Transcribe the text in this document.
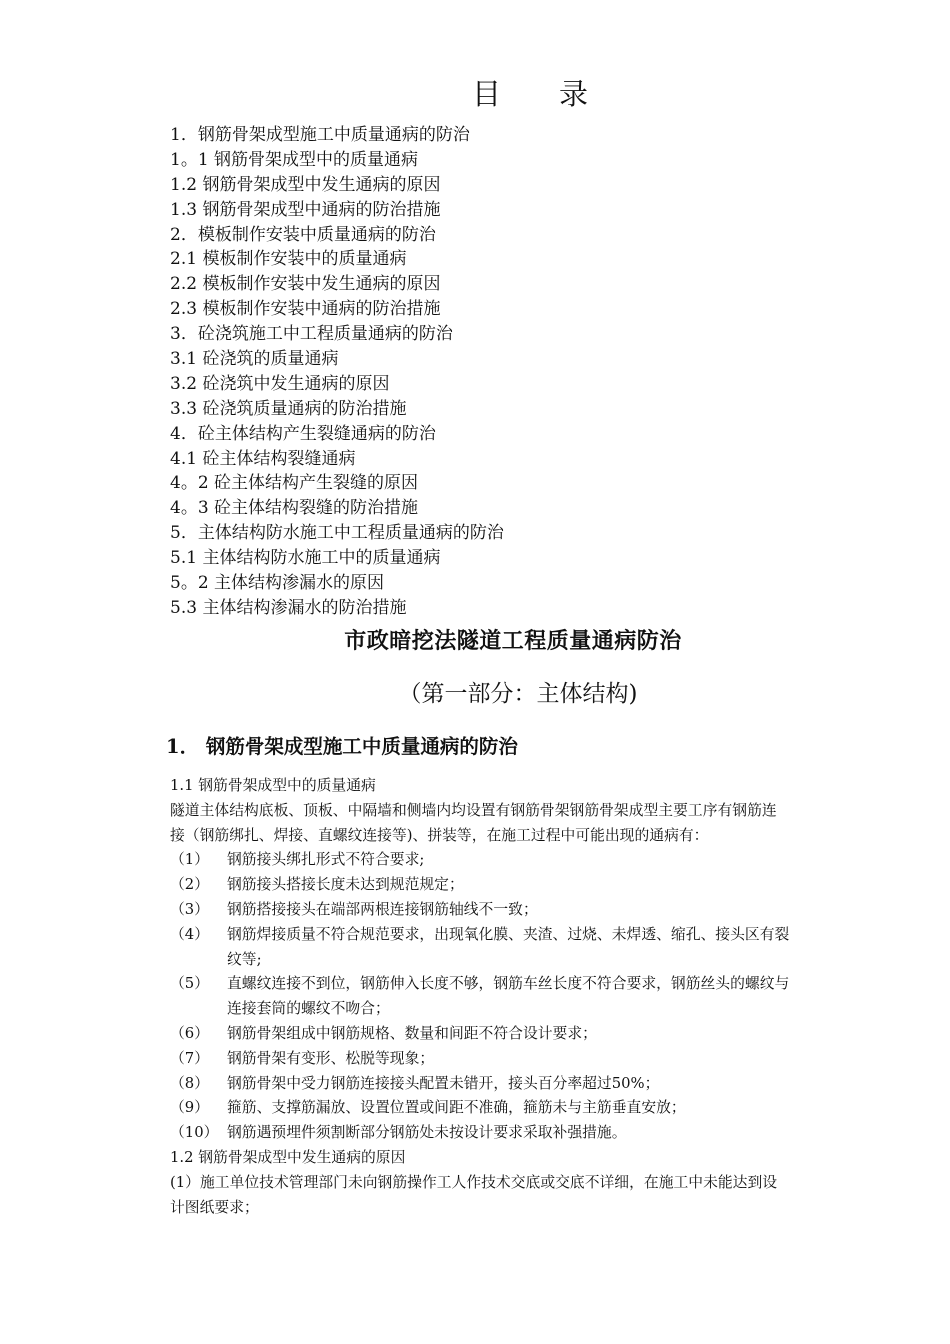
目 录
1．钢筋骨架成型施工中质量通病的防治
1。1 钢筋骨架成型中的质量通病
1.2 钢筋骨架成型中发生通病的原因
1.3 钢筋骨架成型中通病的防治措施
2．模板制作安装中质量通病的防治
2.1 模板制作安装中的质量通病
2.2 模板制作安装中发生通病的原因
2.3 模板制作安装中通病的防治措施
3．砼浇筑施工中工程质量通病的防治
3.1 砼浇筑的质量通病
3.2 砼浇筑中发生通病的原因
3.3 砼浇筑质量通病的防治措施
4．砼主体结构产生裂缝通病的防治
4.1 砼主体结构裂缝通病
4。2 砼主体结构产生裂缝的原因
4。3 砼主体结构裂缝的防治措施
5．主体结构防水施工中工程质量通病的防治
5.1 主体结构防水施工中的质量通病
5。2 主体结构渗漏水的原因
5.3 主体结构渗漏水的防治措施
市政暗挖法隧道工程质量通病防治
（第一部分：主体结构)
1． 钢筋骨架成型施工中质量通病的防治
1.1 钢筋骨架成型中的质量通病
隧道主体结构底板、顶板、中隔墙和侧墙内均设置有钢筋骨架钢筋骨架成型主要工序有钢筋连
接（钢筋绑扎、焊接、直螺纹连接等)、拼装等，在施工过程中可能出现的通病有：
（1）	钢筋接头绑扎形式不符合要求;
（2）	钢筋接头搭接长度未达到规范规定；
（3）	钢筋搭接接头在端部两根连接钢筋轴线不一致；
（4）	钢筋焊接质量不符合规范要求，出现氧化膜、夹渣、过烧、未焊透、缩孔、接头区有裂
纹等;
（5）	直螺纹连接不到位，钢筋伸入长度不够，钢筋车丝长度不符合要求，钢筋丝头的螺纹与
连接套筒的螺纹不吻合；
（6）	钢筋骨架组成中钢筋规格、数量和间距不符合设计要求；
（7）	钢筋骨架有变形、松脱等现象；
（8）	钢筋骨架中受力钢筋连接接头配置未错开，接头百分率超过50%；
（9）	箍筋、支撑筋漏放、设置位置或间距不准确，箍筋未与主筋垂直安放；
（10） 钢筋遇预埋件须割断部分钢筋处未按设计要求采取补强措施。
1.2 钢筋骨架成型中发生通病的原因
(1）施工单位技术管理部门未向钢筋操作工人作技术交底或交底不详细，在施工中未能达到设
计图纸要求；
